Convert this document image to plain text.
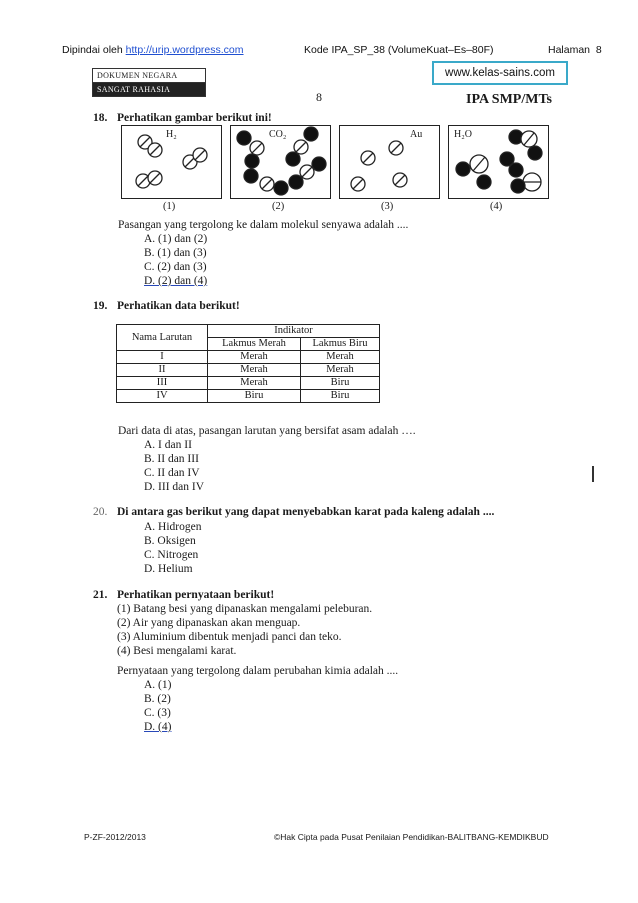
Dipindai oleh http://urip.wordpress.com	Kode IPA_SP_38 (VolumeKuat–Es–80F)	Halaman 8
DOKUMEN NEGARA
SANGAT RAHASIA
8
www.kelas-sains.com
IPA SMP/MTs
18. Perhatikan gambar berikut ini!
H₂
(1)
CO₂
(2)
Au
(3)
H₂O
(4)
Pasangan yang tergolong ke dalam molekul senyawa adalah ....
A. (1) dan (2)
B. (1) dan (3)
C. (2) dan (3)
D. (2) dan (4)
19. Perhatikan data berikut!
Nama Larutan	Indikator	
	Lakmus Merah	Lakmus Biru
I	Merah	Merah
II	Merah	Merah
III	Merah	Biru
IV	Biru	Biru
Dari data di atas, pasangan larutan yang bersifat asam adalah ….
A. I dan II
B. II dan III
C. II dan IV
D. III dan IV
20. Di antara gas berikut yang dapat menyebabkan karat pada kaleng adalah ....
A. Hidrogen
B. Oksigen
C. Nitrogen
D. Helium
21. Perhatikan pernyataan berikut!
(1) Batang besi yang dipanaskan mengalami peleburan.
(2) Air yang dipanaskan akan menguap.
(3) Aluminium dibentuk menjadi panci dan teko.
(4) Besi mengalami karat.
Pernyataan yang tergolong dalam perubahan kimia adalah ....
A. (1)
B. (2)
C. (3)
D. (4)
P-ZF-2012/2013	©Hak Cipta pada Pusat Penilaian Pendidikan-BALITBANG-KEMDIKBUD
